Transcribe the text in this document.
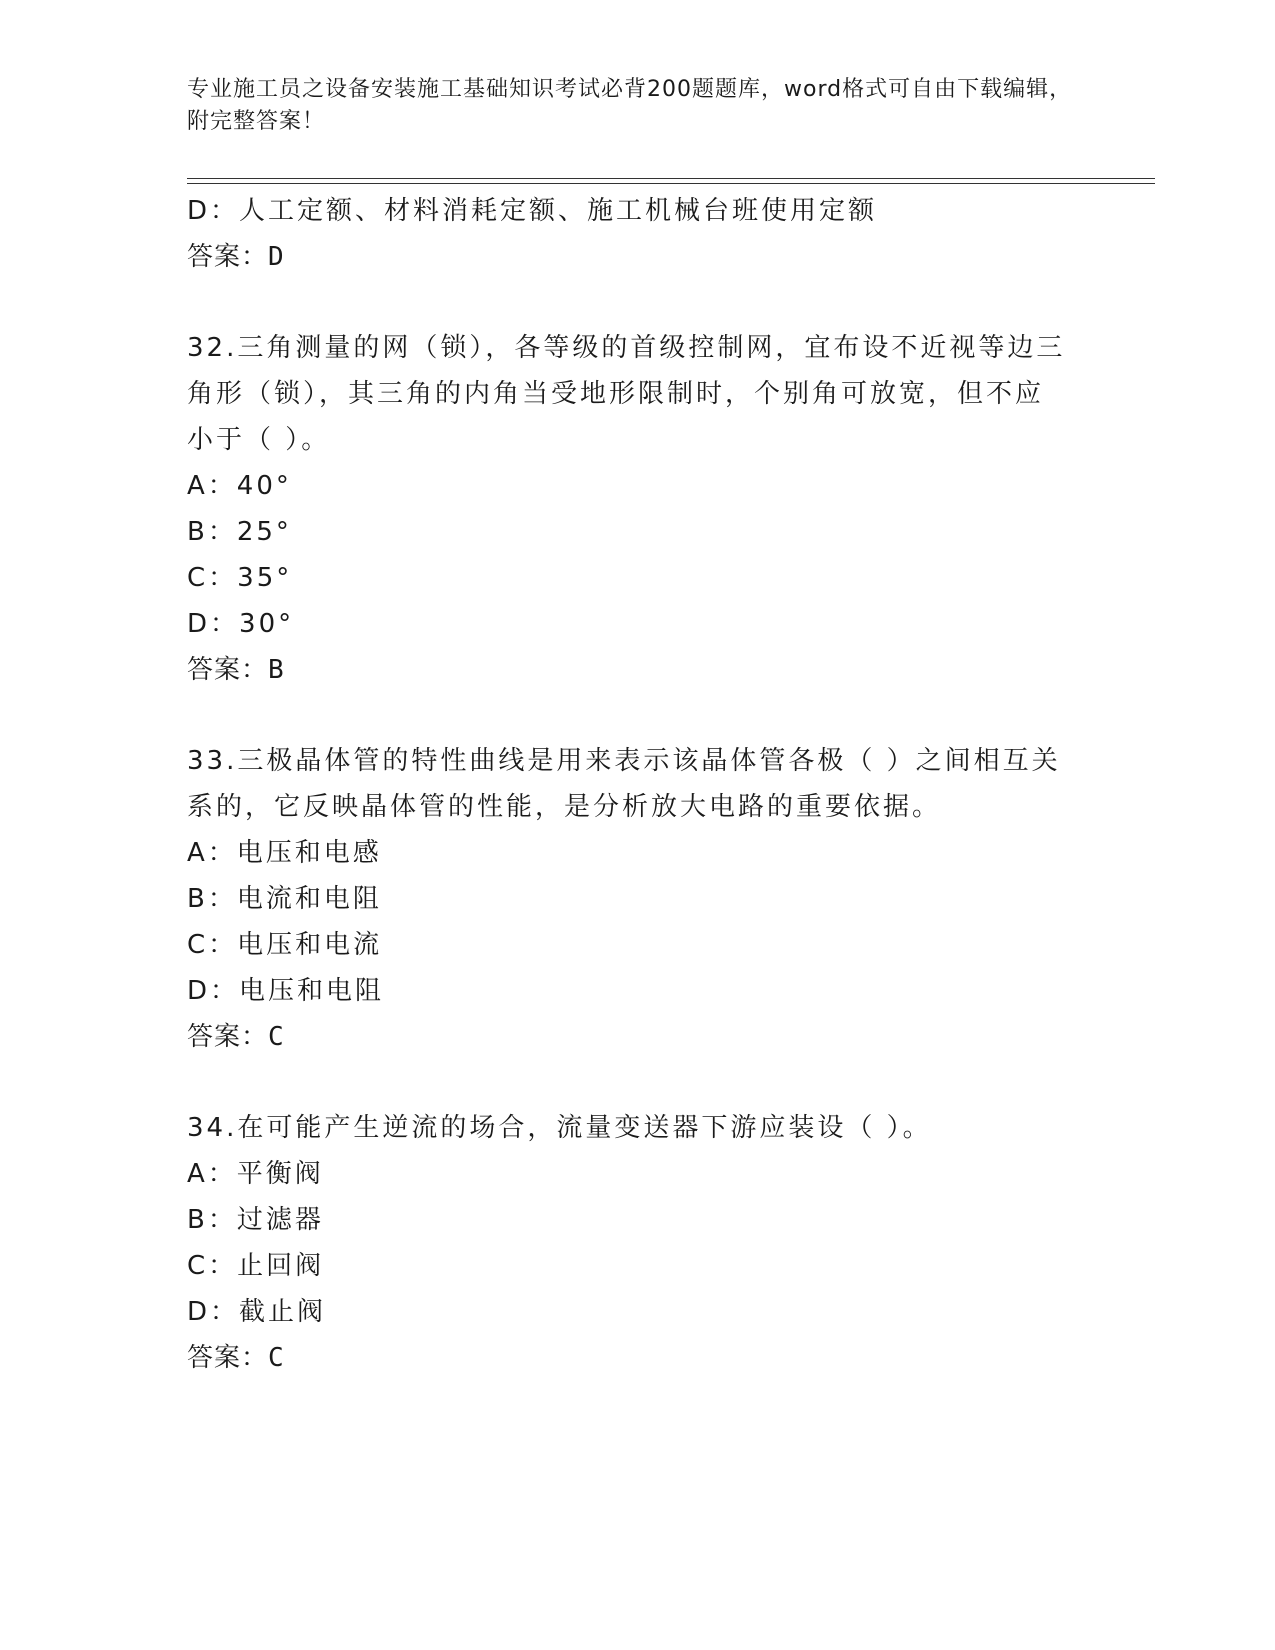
专业施工员之设备安装施工基础知识考试必背200题题库，word格式可自由下载编辑，附完整答案！
D：人工定额、材料消耗定额、施工机械台班使用定额
答案：D
32.三角测量的网（锁），各等级的首级控制网，宜布设不近视等边三
角形（锁），其三角的内角当受地形限制时，个别角可放宽，但不应
小于（ ）。
A：40°
B：25°
C：35°
D：30°
答案：B
33.三极晶体管的特性曲线是用来表示该晶体管各极（ ）之间相互关
系的，它反映晶体管的性能，是分析放大电路的重要依据。
A：电压和电感
B：电流和电阻
C：电压和电流
D：电压和电阻
答案：C
34.在可能产生逆流的场合，流量变送器下游应装设（ ）。
A：平衡阀
B：过滤器
C：止回阀
D：截止阀
答案：C
